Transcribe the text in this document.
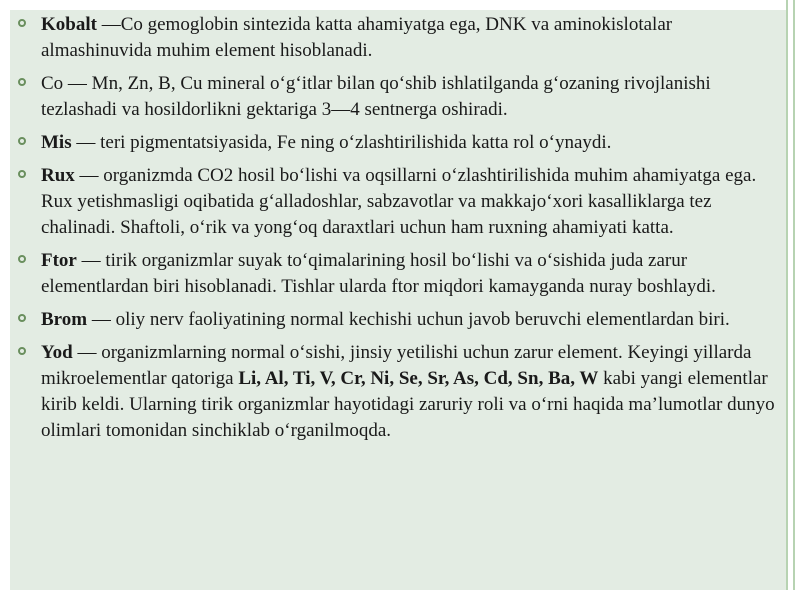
Kobalt —Co gemoglobin sintezida katta ahamiyatga ega, DNK va aminokislotalar almashinuvida muhim element hisoblanadi.
Co — Mn, Zn, B, Cu mineral o‘g‘itlar bilan qo‘shib ishlatilganda g‘ozaning rivojlanishi tezlashadi va hosildorlikni gektariga 3—4 sentnerga oshiradi.
Mis — teri pigmentatsiyasida, Fe ning o‘zlashtirilishida katta rol o‘ynaydi.
Rux — organizmda CO2 hosil bo‘lishi va oqsillarni o‘zlashtirilishida muhim ahamiyatga ega. Rux yetishmasligi oqibatida g‘alladoshlar, sabzavotlar va makkajo‘xori kasalliklarga tez chalinadi. Shaftoli, o‘rik va yong‘oq daraxtlari uchun ham ruxning ahamiyati katta.
Ftor — tirik organizmlar suyak to‘qimalarining hosil bo‘lishi va o‘sishida juda zarur elementlardan biri hisoblanadi. Tishlar ularda ftor miqdori kamayganda nuray boshlaydi.
Brom — oliy nerv faoliyatining normal kechishi uchun javob beruvchi elementlardan biri.
Yod — organizmlarning normal o‘sishi, jinsiy yetilishi uchun zarur element. Keyingi yillarda mikroelementlar qatoriga Li, Al, Ti, V, Cr, Ni, Se, Sr, As, Cd, Sn, Ba, W kabi yangi elementlar kirib keldi. Ularning tirik organizmlar hayotidagi zaruriy roli va o‘rni haqida ma’lumotlar dunyo olimlari tomonidan sinchiklab o‘rganilmoqda.
